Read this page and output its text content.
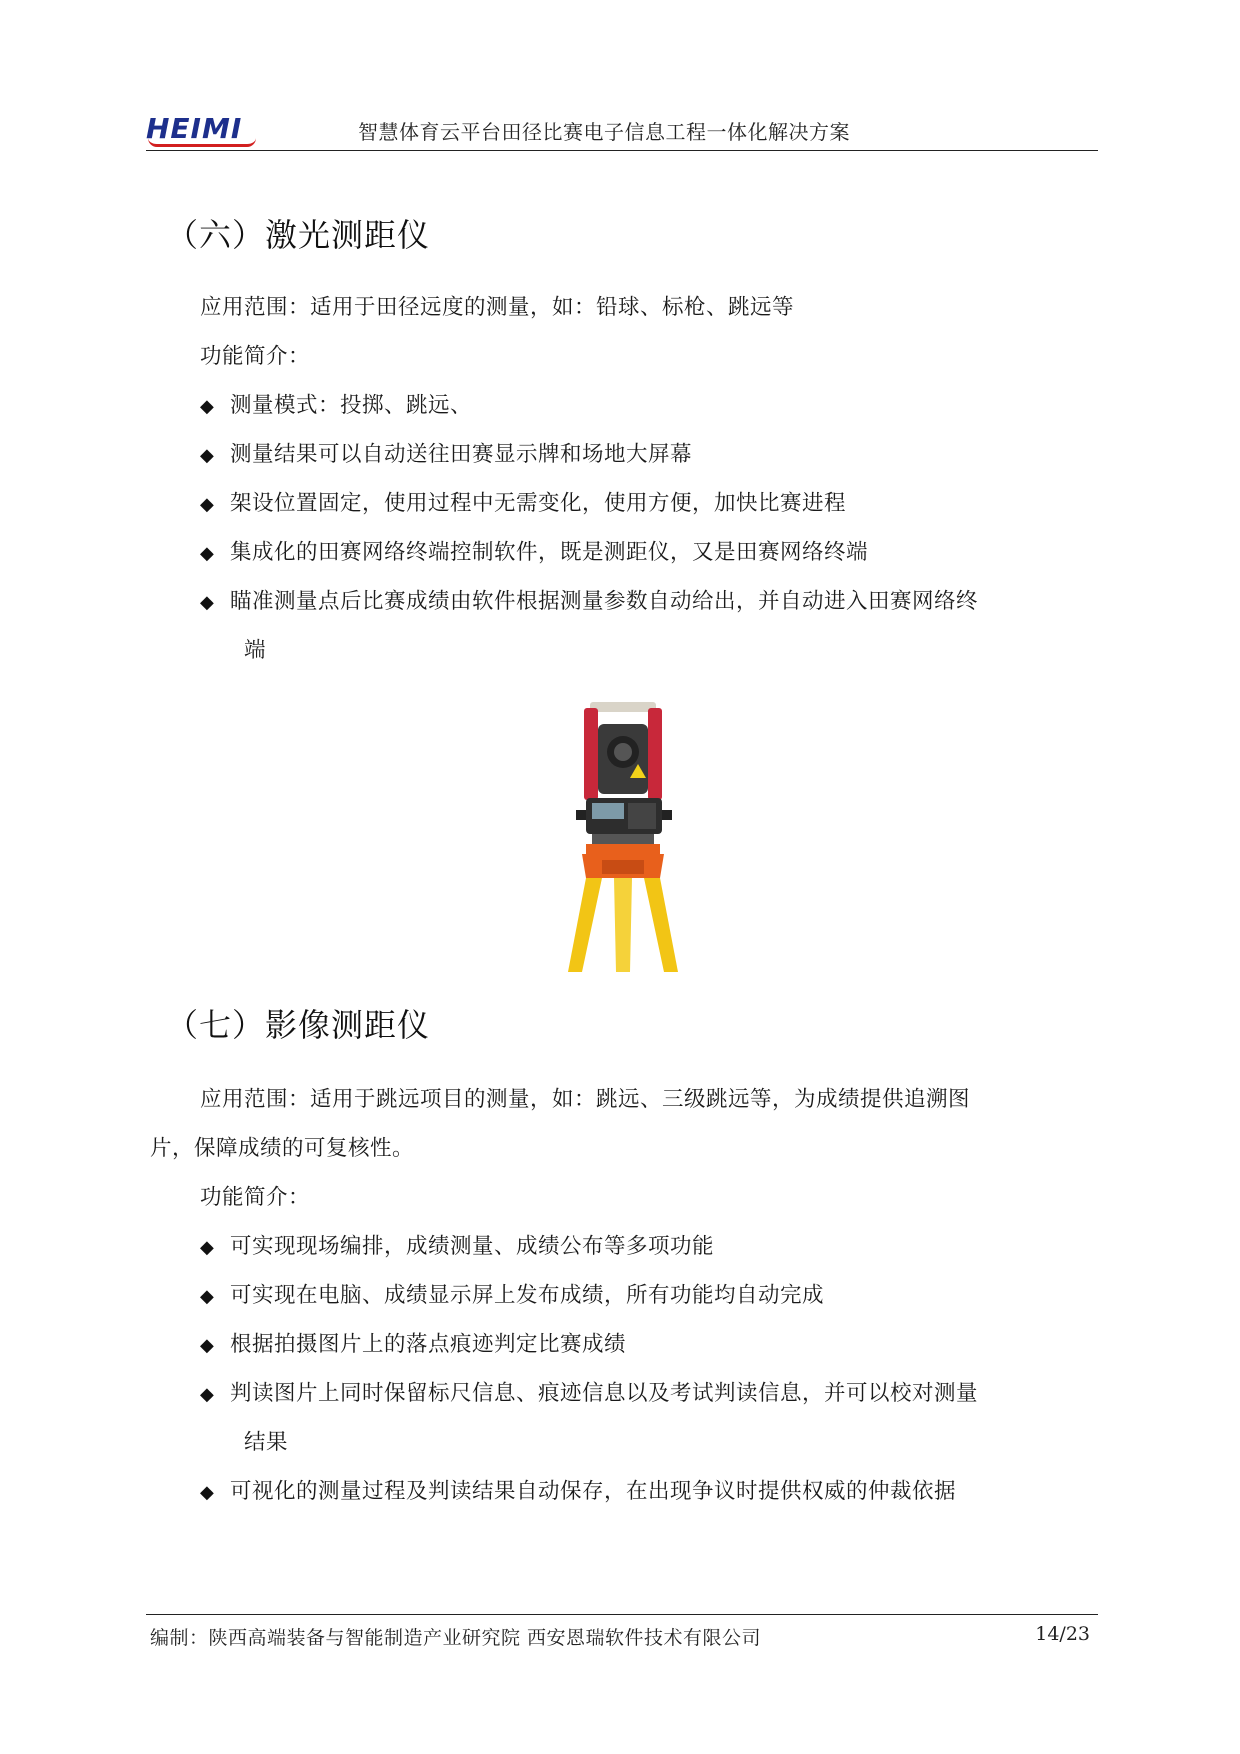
HEIMI	智慧体育云平台田径比赛电子信息工程一体化解决方案
（六）激光测距仪
应用范围：适用于田径远度的测量，如：铅球、标枪、跳远等
功能简介：
◆ 测量模式：投掷、跳远、
◆ 测量结果可以自动送往田赛显示牌和场地大屏幕
◆ 架设位置固定，使用过程中无需变化，使用方便，加快比赛进程
◆ 集成化的田赛网络终端控制软件，既是测距仪，又是田赛网络终端
◆ 瞄准测量点后比赛成绩由软件根据测量参数自动给出，并自动进入田赛网络终
端
（七）影像测距仪
应用范围：适用于跳远项目的测量，如：跳远、三级跳远等，为成绩提供追溯图
片，保障成绩的可复核性。
功能简介：
◆ 可实现现场编排，成绩测量、成绩公布等多项功能
◆ 可实现在电脑、成绩显示屏上发布成绩，所有功能均自动完成
◆ 根据拍摄图片上的落点痕迹判定比赛成绩
◆ 判读图片上同时保留标尺信息、痕迹信息以及考试判读信息，并可以校对测量
结果
◆ 可视化的测量过程及判读结果自动保存，在出现争议时提供权威的仲裁依据
编制：陕西高端装备与智能制造产业研究院 西安恩瑞软件技术有限公司	14/23
